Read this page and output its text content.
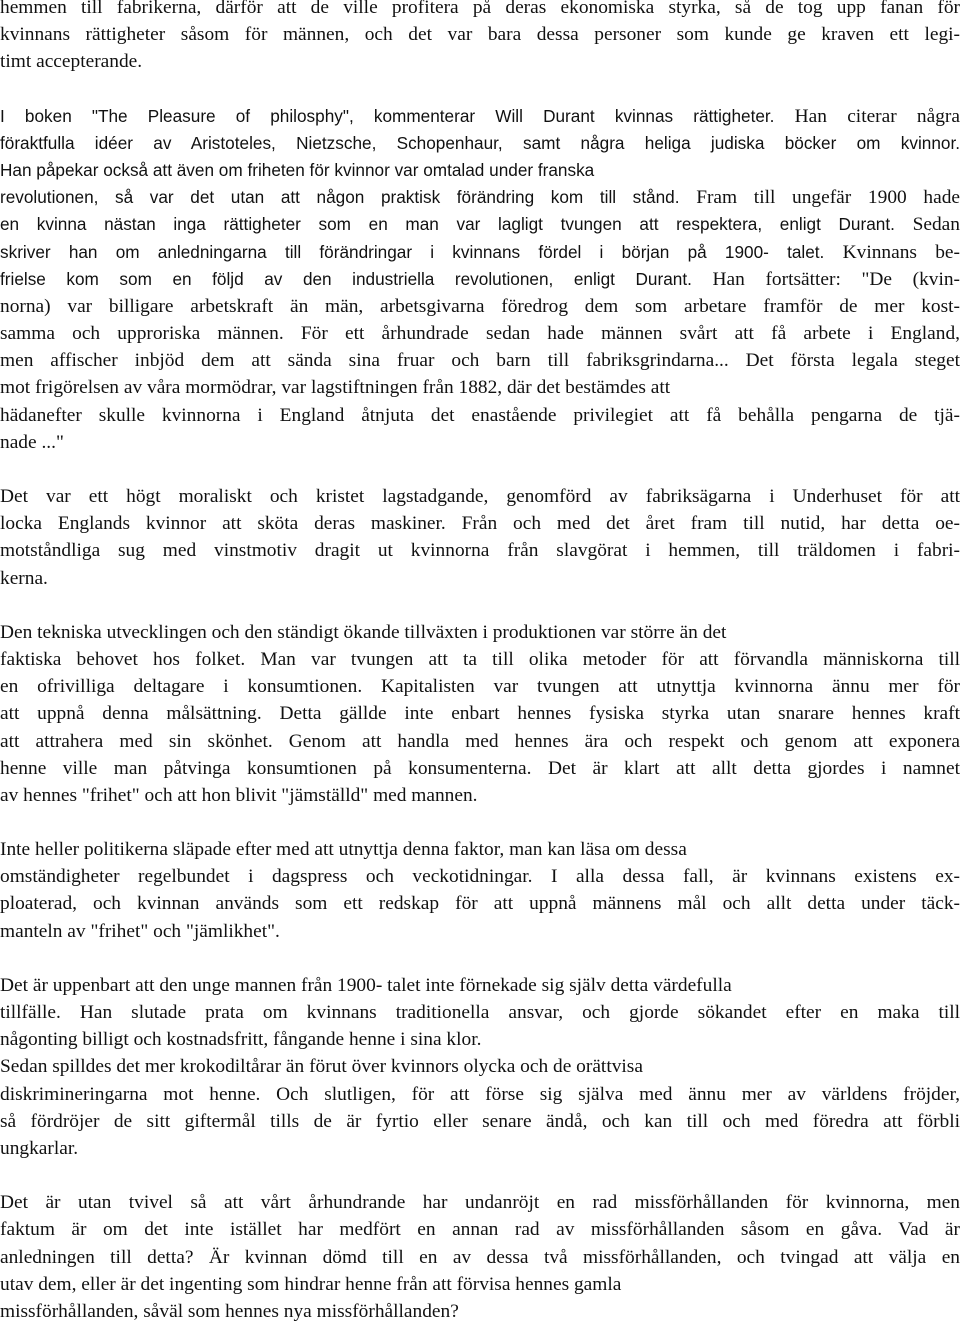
hemmen till fabrikerna, därför att de ville profitera på deras ekonomiska styrka, så de tog upp fanan för
kvinnans rättigheter såsom för männen, och det var bara dessa personer som kunde ge kraven ett legi-
timt accepterande.
I boken "The Pleasure of philosphy", kommenterar Will Durant kvinnas rättigheter. Han citerar några
föraktfulla idéer av Aristoteles, Nietzsche, Schopenhaur, samt några heliga judiska böcker om kvinnor.
Han påpekar också att även om friheten för kvinnor var omtalad under franska
revolutionen, så var det utan att någon praktisk förändring kom till stånd. Fram till ungefär 1900 hade
en kvinna nästan inga rättigheter som en man var lagligt tvungen att respektera, enligt Durant. Sedan
skriver han om anledningarna till förändringar i kvinnans fördel i början på 1900- talet. Kvinnans be-
frielse kom som en följd av den industriella revolutionen, enligt Durant. Han fortsätter: "De (kvin-
norna) var billigare arbetskraft än män, arbetsgivarna föredrog dem som arbetare framför de mer kost-
samma och upproriska männen. För ett århundrade sedan hade männen svårt att få arbete i England,
men affischer inbjöd dem att sända sina fruar och barn till fabriksgrindarna... Det första legala steget
mot frigörelsen av våra mormödrar, var lagstiftningen från 1882, där det bestämdes att
hädanefter skulle kvinnorna i England åtnjuta det enastående privilegiet att få behålla pengarna de tjä-
nade ..."
Det var ett högt moraliskt och kristet lagstadgande, genomförd av fabriksägarna i Underhuset för att
locka Englands kvinnor att sköta deras maskiner. Från och med det året fram till nutid, har detta oe-
motståndliga sug med vinstmotiv dragit ut kvinnorna från slavgörat i hemmen, till träldomen i fabri-
kerna.
Den tekniska utvecklingen och den ständigt ökande tillväxten i produktionen var större än det
faktiska behovet hos folket. Man var tvungen att ta till olika metoder för att förvandla människorna till
en ofrivilliga deltagare i konsumtionen. Kapitalisten var tvungen att utnyttja kvinnorna ännu mer för
att uppnå denna målsättning. Detta gällde inte enbart hennes fysiska styrka utan snarare hennes kraft
att attrahera med sin skönhet. Genom att handla med hennes ära och respekt och genom att exponera
henne ville man påtvinga konsumtionen på konsumenterna. Det är klart att allt detta gjordes i namnet
av hennes "frihet" och att hon blivit "jämställd" med mannen.
Inte heller politikerna släpade efter med att utnyttja denna faktor, man kan läsa om dessa
omständigheter regelbundet i dagspress och veckotidningar. I alla dessa fall, är kvinnans existens ex-
ploaterad, och kvinnan används som ett redskap för att uppnå männens mål och allt detta under täck-
manteln av "frihet" och "jämlikhet".
Det är uppenbart att den unge mannen från 1900- talet inte förnekade sig själv detta värdefulla
tillfälle. Han slutade prata om kvinnans traditionella ansvar, och gjorde sökandet efter en maka till
någonting billigt och kostnadsfritt, fångande henne i sina klor.
Sedan spilldes det mer krokodiltårar än förut över kvinnors olycka och de orättvisa
diskrimineringarna mot henne. Och slutligen, för att förse sig själva med ännu mer av världens fröjder,
så fördröjer de sitt giftermål tills de är fyrtio eller senare ändå, och kan till och med föredra att förbli
ungkarlar.
Det är utan tvivel så att vårt århundrande har undanröjt en rad missförhållanden för kvinnorna, men
faktum är om det inte istället har medfört en annan rad av missförhållanden såsom en gåva. Vad är
anledningen till detta? Är kvinnan dömd till en av dessa två missförhållanden, och tvingad att välja en
utav dem, eller är det ingenting som hindrar henne från att förvisa hennes gamla
missförhållanden, såväl som hennes nya missförhållanden?
